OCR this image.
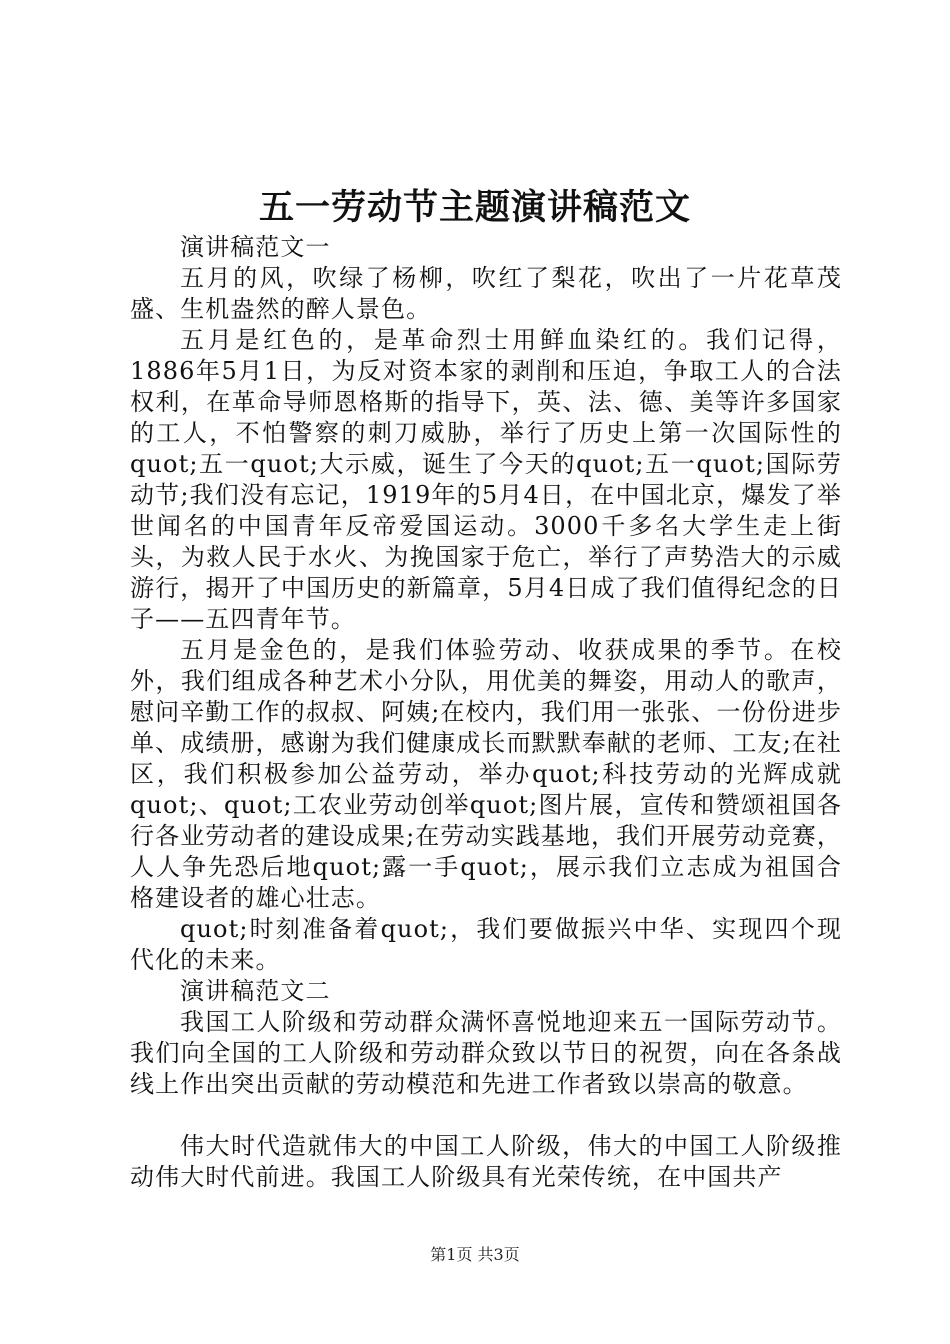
五一劳动节主题演讲稿范文

演讲稿范文一

五月的风，吹绿了杨柳，吹红了梨花，吹出了一片花草茂盛、生机盎然的醉人景色。

五月是红色的，是革命烈士用鲜血染红的。我们记得，1886年5月1日，为反对资本家的剥削和压迫，争取工人的合法权利，在革命导师恩格斯的指导下，英、法、德、美等许多国家的工人，不怕警察的刺刀威胁，举行了历史上第一次国际性的quot;五一quot;大示威，诞生了今天的quot;五一quot;国际劳动节;我们没有忘记，1919年的5月4日，在中国北京，爆发了举世闻名的中国青年反帝爱国运动。3000千多名大学生走上街头，为救人民于水火、为挽国家于危亡，举行了声势浩大的示威游行，揭开了中国历史的新篇章，5月4日成了我们值得纪念的日子——五四青年节。

五月是金色的，是我们体验劳动、收获成果的季节。在校外，我们组成各种艺术小分队，用优美的舞姿，用动人的歌声，慰问辛勤工作的叔叔、阿姨;在校内，我们用一张张、一份份进步单、成绩册，感谢为我们健康成长而默默奉献的老师、工友;在社区，我们积极参加公益劳动，举办quot;科技劳动的光辉成就quot;、quot;工农业劳动创举quot;图片展，宣传和赞颂祖国各行各业劳动者的建设成果;在劳动实践基地，我们开展劳动竞赛，人人争先恐后地quot;露一手quot;，展示我们立志成为祖国合格建设者的雄心壮志。

quot;时刻准备着quot;，我们要做振兴中华、实现四个现代化的未来。

演讲稿范文二

我国工人阶级和劳动群众满怀喜悦地迎来五一国际劳动节。我们向全国的工人阶级和劳动群众致以节日的祝贺，向在各条战线上作出突出贡献的劳动模范和先进工作者致以崇高的敬意。

伟大时代造就伟大的中国工人阶级，伟大的中国工人阶级推动伟大时代前进。我国工人阶级具有光荣传统，在中国共产

第1页 共3页
